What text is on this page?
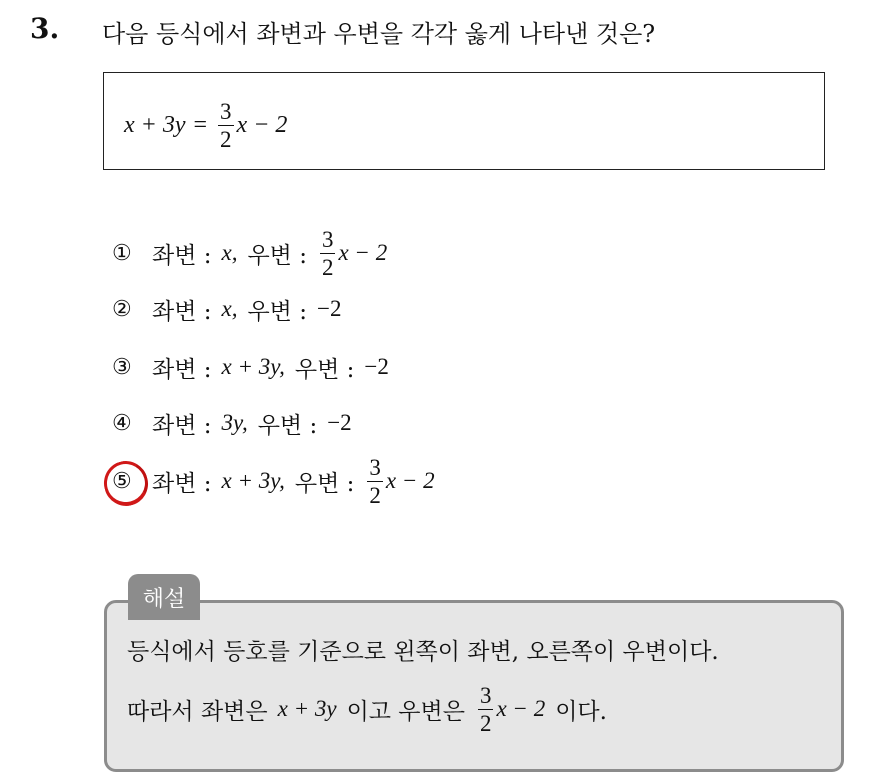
3. 다음 등식에서 좌변과 우변을 각각 옳게 나타낸 것은?
$x + 3y = \frac{3}{2}$ x − 2
① 좌변 : x, 우변 : $\frac{3}{2}$ x − 2
② 좌변 : x, 우변 : −2
③ 좌변 : x + 3y, 우변 : −2
④ 좌변 : 3y, 우변 : −2
⑤ 좌변 : x + 3y, 우변 : $\frac{3}{2}$ x − 2
해설
등식에서 등호를 기준으로 왼쪽이 좌변, 오른쪽이 우변이다.
따라서 좌변은 x + 3y 이고 우변은 $\frac{3}{2}$ x − 2 이다.
